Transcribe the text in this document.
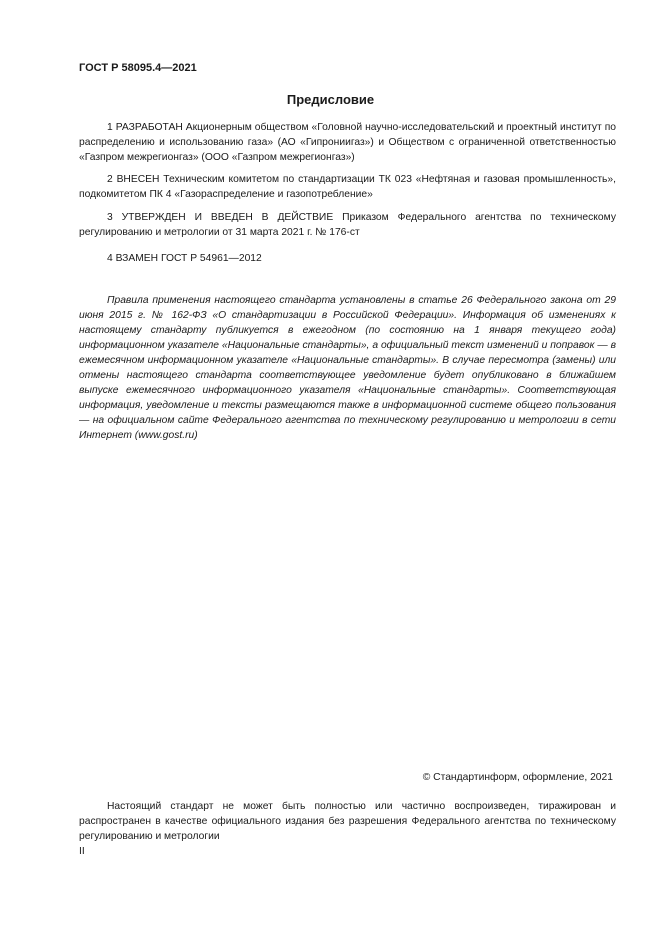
ГОСТ Р 58095.4—2021
Предисловие

1 РАЗРАБОТАН Акционерным обществом «Головной научно-исследовательский и проектный институт по распределению и использованию газа» (АО «Гипрониигаз») и Обществом с ограниченной ответственностью «Газпром межрегионгаз» (ООО «Газпром межрегионгаз»)

2 ВНЕСЕН Техническим комитетом по стандартизации ТК 023 «Нефтяная и газовая промышленность», подкомитетом ПК 4 «Газораспределение и газопотребление»

3 УТВЕРЖДЕН И ВВЕДЕН В ДЕЙСТВИЕ Приказом Федерального агентства по техническому регулированию и метрологии от 31 марта 2021 г. № 176-ст

4 ВЗАМЕН ГОСТ Р 54961—2012

Правила применения настоящего стандарта установлены в статье 26 Федерального закона от 29 июня 2015 г. № 162-ФЗ «О стандартизации в Российской Федерации». Информация об изменениях к настоящему стандарту публикуется в ежегодном (по состоянию на 1 января текущего года) информационном указателе «Национальные стандарты», а официальный текст изменений и поправок — в ежемесячном информационном указателе «Национальные стандарты». В случае пересмотра (замены) или отмены настоящего стандарта соответствующее уведомление будет опубликовано в ближайшем выпуске ежемесячного информационного указателя «Национальные стандарты». Соответствующая информация, уведомление и тексты размещаются также в информационной системе общего пользования — на официальном сайте Федерального агентства по техническому регулированию и метрологии в сети Интернет (www.gost.ru)

© Стандартинформ, оформление, 2021

Настоящий стандарт не может быть полностью или частично воспроизведен, тиражирован и распространен в качестве официального издания без разрешения Федерального агентства по техническому регулированию и метрологии

II
